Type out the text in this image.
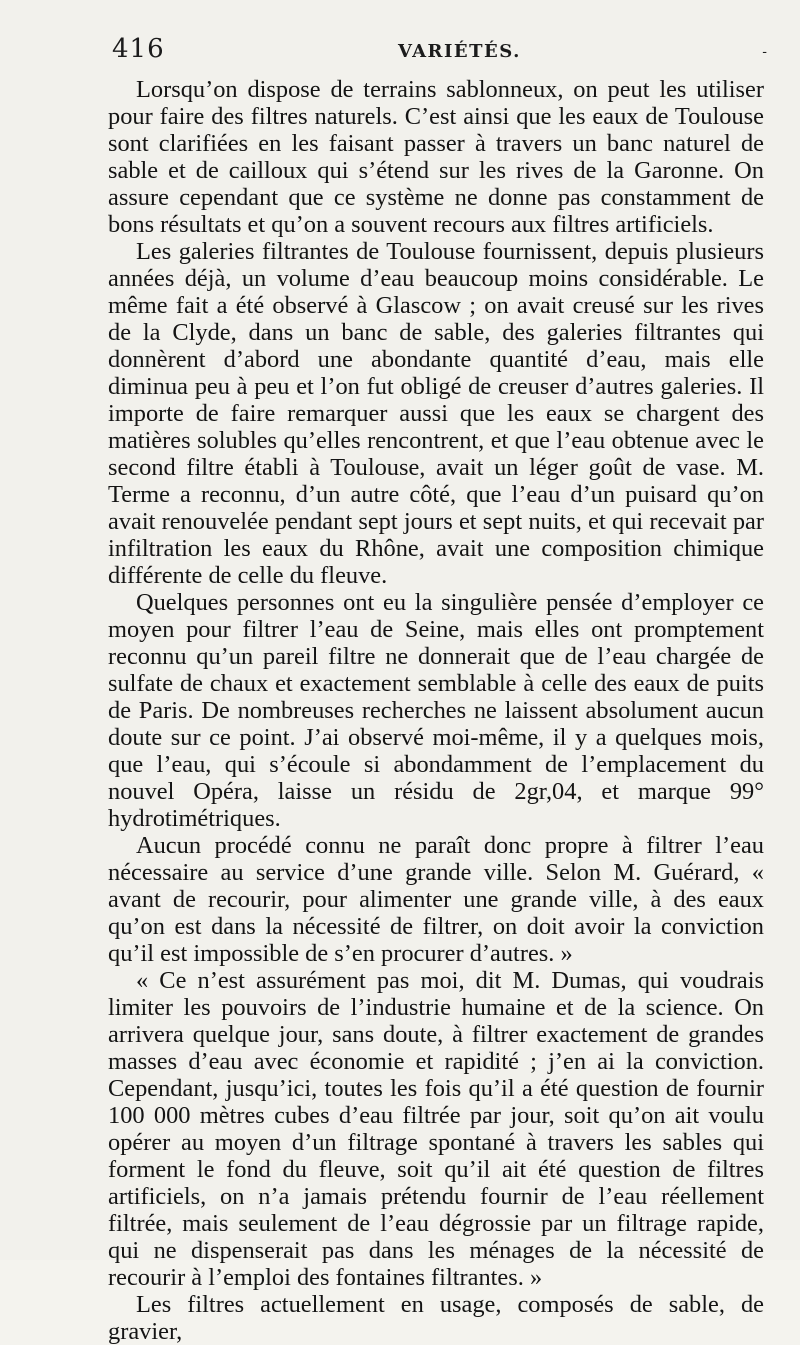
416	VARIÉTÉS.	-

Lorsqu’on dispose de terrains sablonneux, on peut les utiliser pour faire des filtres naturels. C’est ainsi que les eaux de Toulouse sont clarifiées en les faisant passer à travers un banc naturel de sable et de cailloux qui s’étend sur les rives de la Garonne. On assure cependant que ce système ne donne pas constamment de bons résultats et qu’on a souvent recours aux filtres artificiels.

Les galeries filtrantes de Toulouse fournissent, depuis plusieurs années déjà, un volume d’eau beaucoup moins considérable. Le même fait a été observé à Glascow ; on avait creusé sur les rives de la Clyde, dans un banc de sable, des galeries filtrantes qui donnèrent d’abord une abondante quantité d’eau, mais elle diminua peu à peu et l’on fut obligé de creuser d’autres galeries. Il importe de faire remarquer aussi que les eaux se chargent des matières solubles qu’elles rencontrent, et que l’eau obtenue avec le second filtre établi à Toulouse, avait un léger goût de vase. M. Terme a reconnu, d’un autre côté, que l’eau d’un puisard qu’on avait renouvelée pendant sept jours et sept nuits, et qui recevait par infiltration les eaux du Rhône, avait une composition chimique différente de celle du fleuve.

Quelques personnes ont eu la singulière pensée d’employer ce moyen pour filtrer l’eau de Seine, mais elles ont promptement reconnu qu’un pareil filtre ne donnerait que de l’eau chargée de sulfate de chaux et exactement semblable à celle des eaux de puits de Paris. De nombreuses recherches ne laissent absolument aucun doute sur ce point. J’ai observé moi-même, il y a quelques mois, que l’eau, qui s’écoule si abondamment de l’emplacement du nouvel Opéra, laisse un résidu de 2gr,04, et marque 99° hydrotimétriques.

Aucun procédé connu ne paraît donc propre à filtrer l’eau nécessaire au service d’une grande ville. Selon M. Guérard, « avant de recourir, pour alimenter une grande ville, à des eaux qu’on est dans la nécessité de filtrer, on doit avoir la conviction qu’il est impossible de s’en procurer d’autres. »

« Ce n’est assurément pas moi, dit M. Dumas, qui voudrais limiter les pouvoirs de l’industrie humaine et de la science. On arrivera quelque jour, sans doute, à filtrer exactement de grandes masses d’eau avec économie et rapidité ; j’en ai la conviction. Cependant, jusqu’ici, toutes les fois qu’il a été question de fournir 100 000 mètres cubes d’eau filtrée par jour, soit qu’on ait voulu opérer au moyen d’un filtrage spontané à travers les sables qui forment le fond du fleuve, soit qu’il ait été question de filtres artificiels, on n’a jamais prétendu fournir de l’eau réellement filtrée, mais seulement de l’eau dégrossie par un filtrage rapide, qui ne dispenserait pas dans les ménages de la nécessité de recourir à l’emploi des fontaines filtrantes. »

Les filtres actuellement en usage, composés de sable, de gravier,
